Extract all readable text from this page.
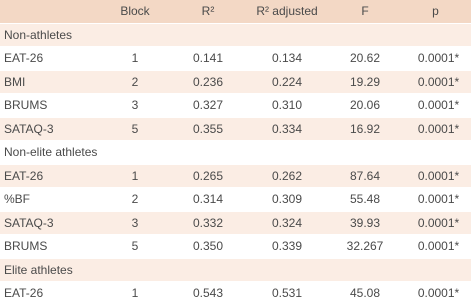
	Block	R²	R² adjusted	F	p
Non-athletes					
EAT-26	1	0.141	0.134	20.62	0.0001*
BMI	2	0.236	0.224	19.29	0.0001*
BRUMS	3	0.327	0.310	20.06	0.0001*
SATAQ-3	5	0.355	0.334	16.92	0.0001*
Non-elite athletes					
EAT-26	1	0.265	0.262	87.64	0.0001*
%BF	2	0.314	0.309	55.48	0.0001*
SATAQ-3	3	0.332	0.324	39.93	0.0001*
BRUMS	5	0.350	0.339	32.267	0.0001*
Elite athletes					
EAT-26	1	0.543	0.531	45.08	0.0001*
